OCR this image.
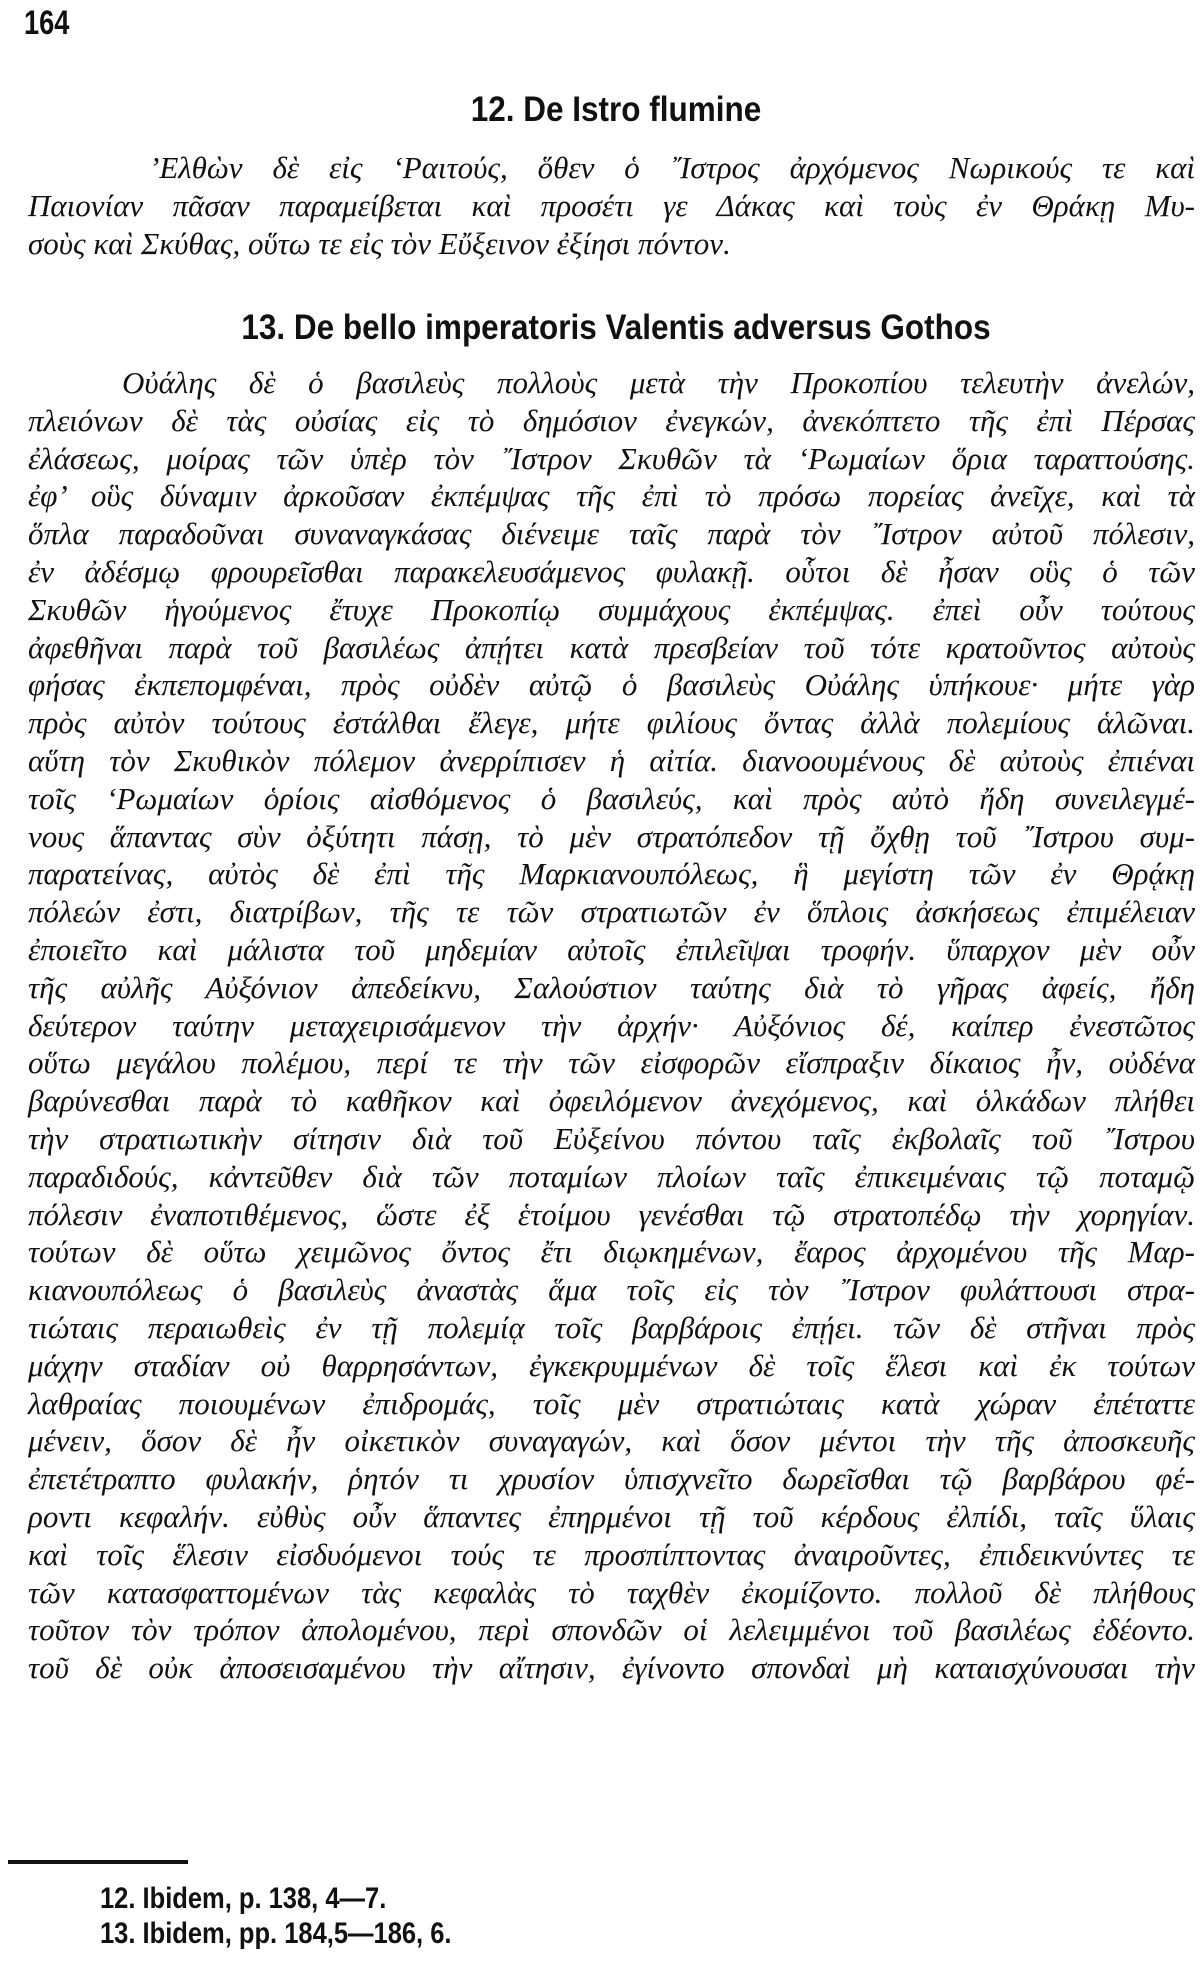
164
12. De Istro flumine
’Ελθὼν δὲ εἰς ‘Ραιτούς, ὅθεν ὁ ῎Ιστρος ἀρχόμενος Νωρικούς τε καὶ
Παιονίαν πᾶσαν παραμείβεται καὶ προσέτι γε Δάκας καὶ τοὺς ἐν Θράκῃ Μυ-
σοὺς καὶ Σκύθας, οὕτω τε εἰς τὸν Εὔξεινον ἐξίησι πόντον.
13. De bello imperatoris Valentis adversus Gothos
Οὐάλης δὲ ὁ βασιλεὺς πολλοὺς μετὰ τὴν Προκοπίου τελευτὴν ἀνελών,
πλειόνων δὲ τὰς οὐσίας εἰς τὸ δημόσιον ἐνεγκών, ἀνεκόπτετο τῆς ἐπὶ Πέρσας
ἐλάσεως, μοίρας τῶν ὑπὲρ τὸν ῎Ιστρον Σκυθῶν τὰ ‘Ρωμαίων ὅρια ταραττούσης.
ἐφ’ οὓς δύναμιν ἀρκοῦσαν ἐκπέμψας τῆς ἐπὶ τὸ πρόσω πορείας ἀνεῖχε, καὶ τὰ
ὅπλα παραδοῦναι συναναγκάσας διένειμε ταῖς παρὰ τὸν ῎Ιστρον αὐτοῦ πόλεσιν,
ἐν ἀδέσμῳ φρουρεῖσθαι παρακελευσάμενος φυλακῇ. οὗτοι δὲ ἦσαν οὓς ὁ τῶν
Σκυθῶν ἡγούμενος ἔτυχε Προκοπίῳ συμμάχους ἐκπέμψας. ἐπεὶ οὖν τούτους
ἀφεθῆναι παρὰ τοῦ βασιλέως ἀπῄτει κατὰ πρεσβείαν τοῦ τότε κρατοῦντος αὐτοὺς
φήσας ἐκπεπομφέναι, πρὸς οὐδὲν αὐτῷ ὁ βασιλεὺς Οὐάλης ὑπήκουε· μήτε γὰρ
πρὸς αὐτὸν τούτους ἐστάλθαι ἔλεγε, μήτε φιλίους ὄντας ἀλλὰ πολεμίους ἁλῶναι.
αὕτη τὸν Σκυθικὸν πόλεμον ἀνερρίπισεν ἡ αἰτία. διανοουμένους δὲ αὐτοὺς ἐπιέναι
τοῖς ‘Ρωμαίων ὁρίοις αἰσθόμενος ὁ βασιλεύς, καὶ πρὸς αὐτὸ ἤδη συνειλεγμέ-
νους ἅπαντας σὺν ὀξύτητι πάσῃ, τὸ μὲν στρατόπεδον τῇ ὄχθῃ τοῦ ῎Ιστρου συμ-
παρατείνας, αὐτὸς δὲ ἐπὶ τῆς Μαρκιανουπόλεως, ἣ μεγίστη τῶν ἐν Θρᾴκῃ
πόλεών ἐστι, διατρίβων, τῆς τε τῶν στρατιωτῶν ἐν ὅπλοις ἀσκήσεως ἐπιμέλειαν
ἐποιεῖτο καὶ μάλιστα τοῦ μηδεμίαν αὐτοῖς ἐπιλεῖψαι τροφήν. ὕπαρχον μὲν οὖν
τῆς αὐλῆς Αὐξόνιον ἀπεδείκνυ, Σαλούστιον ταύτης διὰ τὸ γῆρας ἀφείς, ἤδη
δεύτερον ταύτην μεταχειρισάμενον τὴν ἀρχήν· Αὐξόνιος δέ, καίπερ ἐνεστῶτος
οὕτω μεγάλου πολέμου, περί τε τὴν τῶν εἰσφορῶν εἴσπραξιν δίκαιος ἦν, οὐδένα
βαρύνεσθαι παρὰ τὸ καθῆκον καὶ ὀφειλόμενον ἀνεχόμενος, καὶ ὁλκάδων πλήθει
τὴν στρατιωτικὴν σίτησιν διὰ τοῦ Εὐξείνου πόντου ταῖς ἐκβολαῖς τοῦ ῎Ιστρου
παραδιδούς, κἀντεῦθεν διὰ τῶν ποταμίων πλοίων ταῖς ἐπικειμέναις τῷ ποταμῷ
πόλεσιν ἐναποτιθέμενος, ὥστε ἐξ ἑτοίμου γενέσθαι τῷ στρατοπέδῳ τὴν χορηγίαν.
τούτων δὲ οὕτω χειμῶνος ὄντος ἔτι διῳκημένων, ἔαρος ἀρχομένου τῆς Μαρ-
κιανουπόλεως ὁ βασιλεὺς ἀναστὰς ἅμα τοῖς εἰς τὸν ῎Ιστρον φυλάττουσι στρα-
τιώταις περαιωθεὶς ἐν τῇ πολεμίᾳ τοῖς βαρβάροις ἐπῄει. τῶν δὲ στῆναι πρὸς
μάχην σταδίαν οὐ θαρρησάντων, ἐγκεκρυμμένων δὲ τοῖς ἕλεσι καὶ ἐκ τούτων
λαθραίας ποιουμένων ἐπιδρομάς, τοῖς μὲν στρατιώταις κατὰ χώραν ἐπέταττε
μένειν, ὅσον δὲ ἦν οἰκετικὸν συναγαγών, καὶ ὅσον μέντοι τὴν τῆς ἀποσκευῆς
ἐπετέτραπτο φυλακήν, ῥητόν τι χρυσίον ὑπισχνεῖτο δωρεῖσθαι τῷ βαρβάρου φέ-
ροντι κεφαλήν. εὐθὺς οὖν ἅπαντες ἐπηρμένοι τῇ τοῦ κέρδους ἐλπίδι, ταῖς ὕλαις
καὶ τοῖς ἕλεσιν εἰσδυόμενοι τούς τε προσπίπτοντας ἀναιροῦντες, ἐπιδεικνύντες τε
τῶν κατασφαττομένων τὰς κεφαλὰς τὸ ταχθὲν ἐκομίζοντο. πολλοῦ δὲ πλήθους
τοῦτον τὸν τρόπον ἀπολομένου, περὶ σπονδῶν οἱ λελειμμένοι τοῦ βασιλέως ἐδέοντο.
τοῦ δὲ οὐκ ἀποσεισαμένου τὴν αἴτησιν, ἐγίνοντο σπονδαὶ μὴ καταισχύνουσαι τὴν
12. Ibidem, p. 138, 4—7.
13. Ibidem, pp. 184,5—186, 6.
